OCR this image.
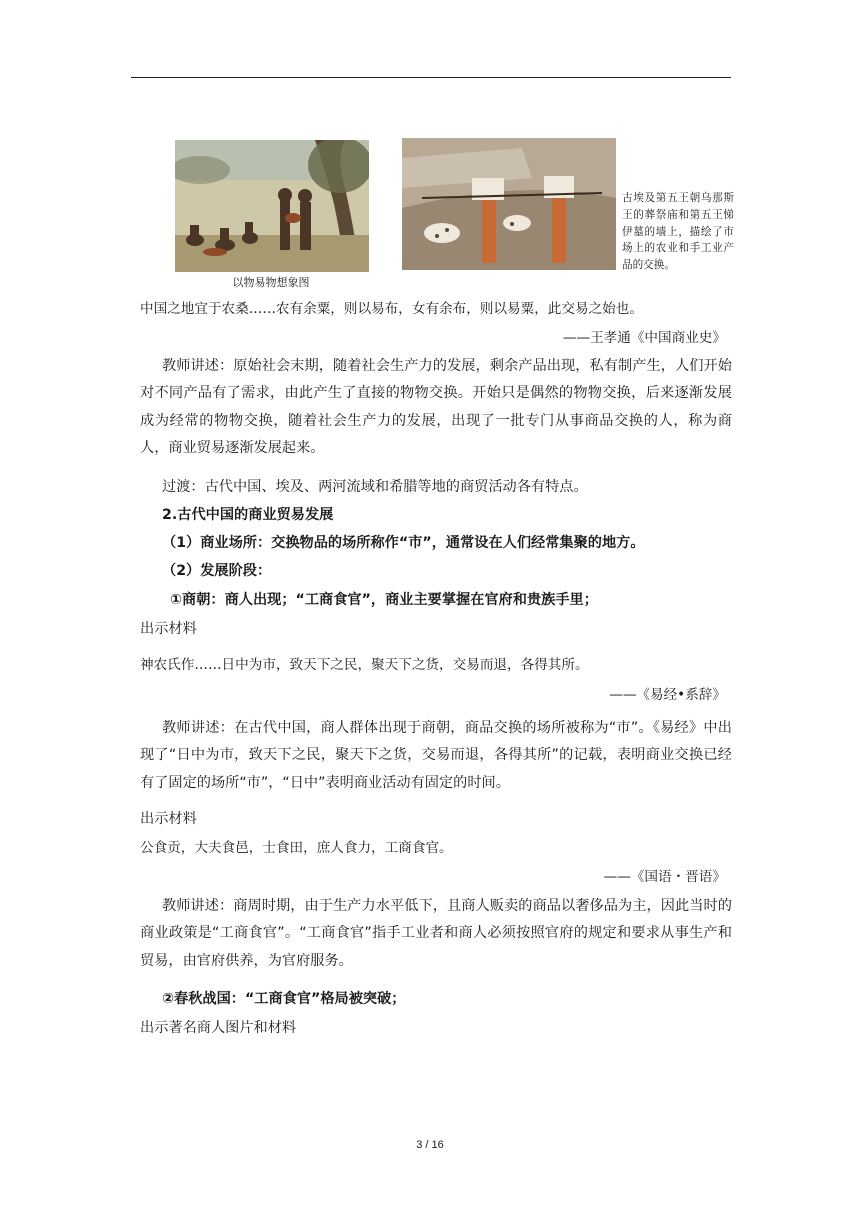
以物易物想象图
古埃及第五王朝乌那斯王的葬祭庙和第五王悌伊墓的墙上，描绘了市场上的农业和手工业产品的交换。
中国之地宜于农桑……农有余粟，则以易布，女有余布，则以易粟，此交易之始也。
——王孝通《中国商业史》
教师讲述：原始社会末期，随着社会生产力的发展，剩余产品出现，私有制产生，人们开始对不同产品有了需求，由此产生了直接的物物交换。开始只是偶然的物物交换，后来逐渐发展成为经常的物物交换，随着社会生产力的发展，出现了一批专门从事商品交换的人，称为商人，商业贸易逐渐发展起来。
过渡：古代中国、埃及、两河流域和希腊等地的商贸活动各有特点。
2.古代中国的商业贸易发展
（1）商业场所：交换物品的场所称作“市”，通常设在人们经常集聚的地方。
（2）发展阶段：
①商朝：商人出现；“工商食官”，商业主要掌握在官府和贵族手里；
出示材料
神农氏作……日中为市，致天下之民，聚天下之货，交易而退，各得其所。
——《易经•系辞》
教师讲述：在古代中国，商人群体出现于商朝，商品交换的场所被称为“市”。《易经》中出现了“日中为市，致天下之民，聚天下之货，交易而退，各得其所”的记载，表明商业交换已经有了固定的场所“市”，“日中”表明商业活动有固定的时间。
出示材料
公食贡，大夫食邑，士食田，庶人食力，工商食官。
——《国语・晋语》
教师讲述：商周时期，由于生产力水平低下，且商人贩卖的商品以奢侈品为主，因此当时的商业政策是“工商食官”。“工商食官”指手工业者和商人必须按照官府的规定和要求从事生产和贸易，由官府供养，为官府服务。
②春秋战国：“工商食官”格局被突破；
出示著名商人图片和材料
3 / 16
